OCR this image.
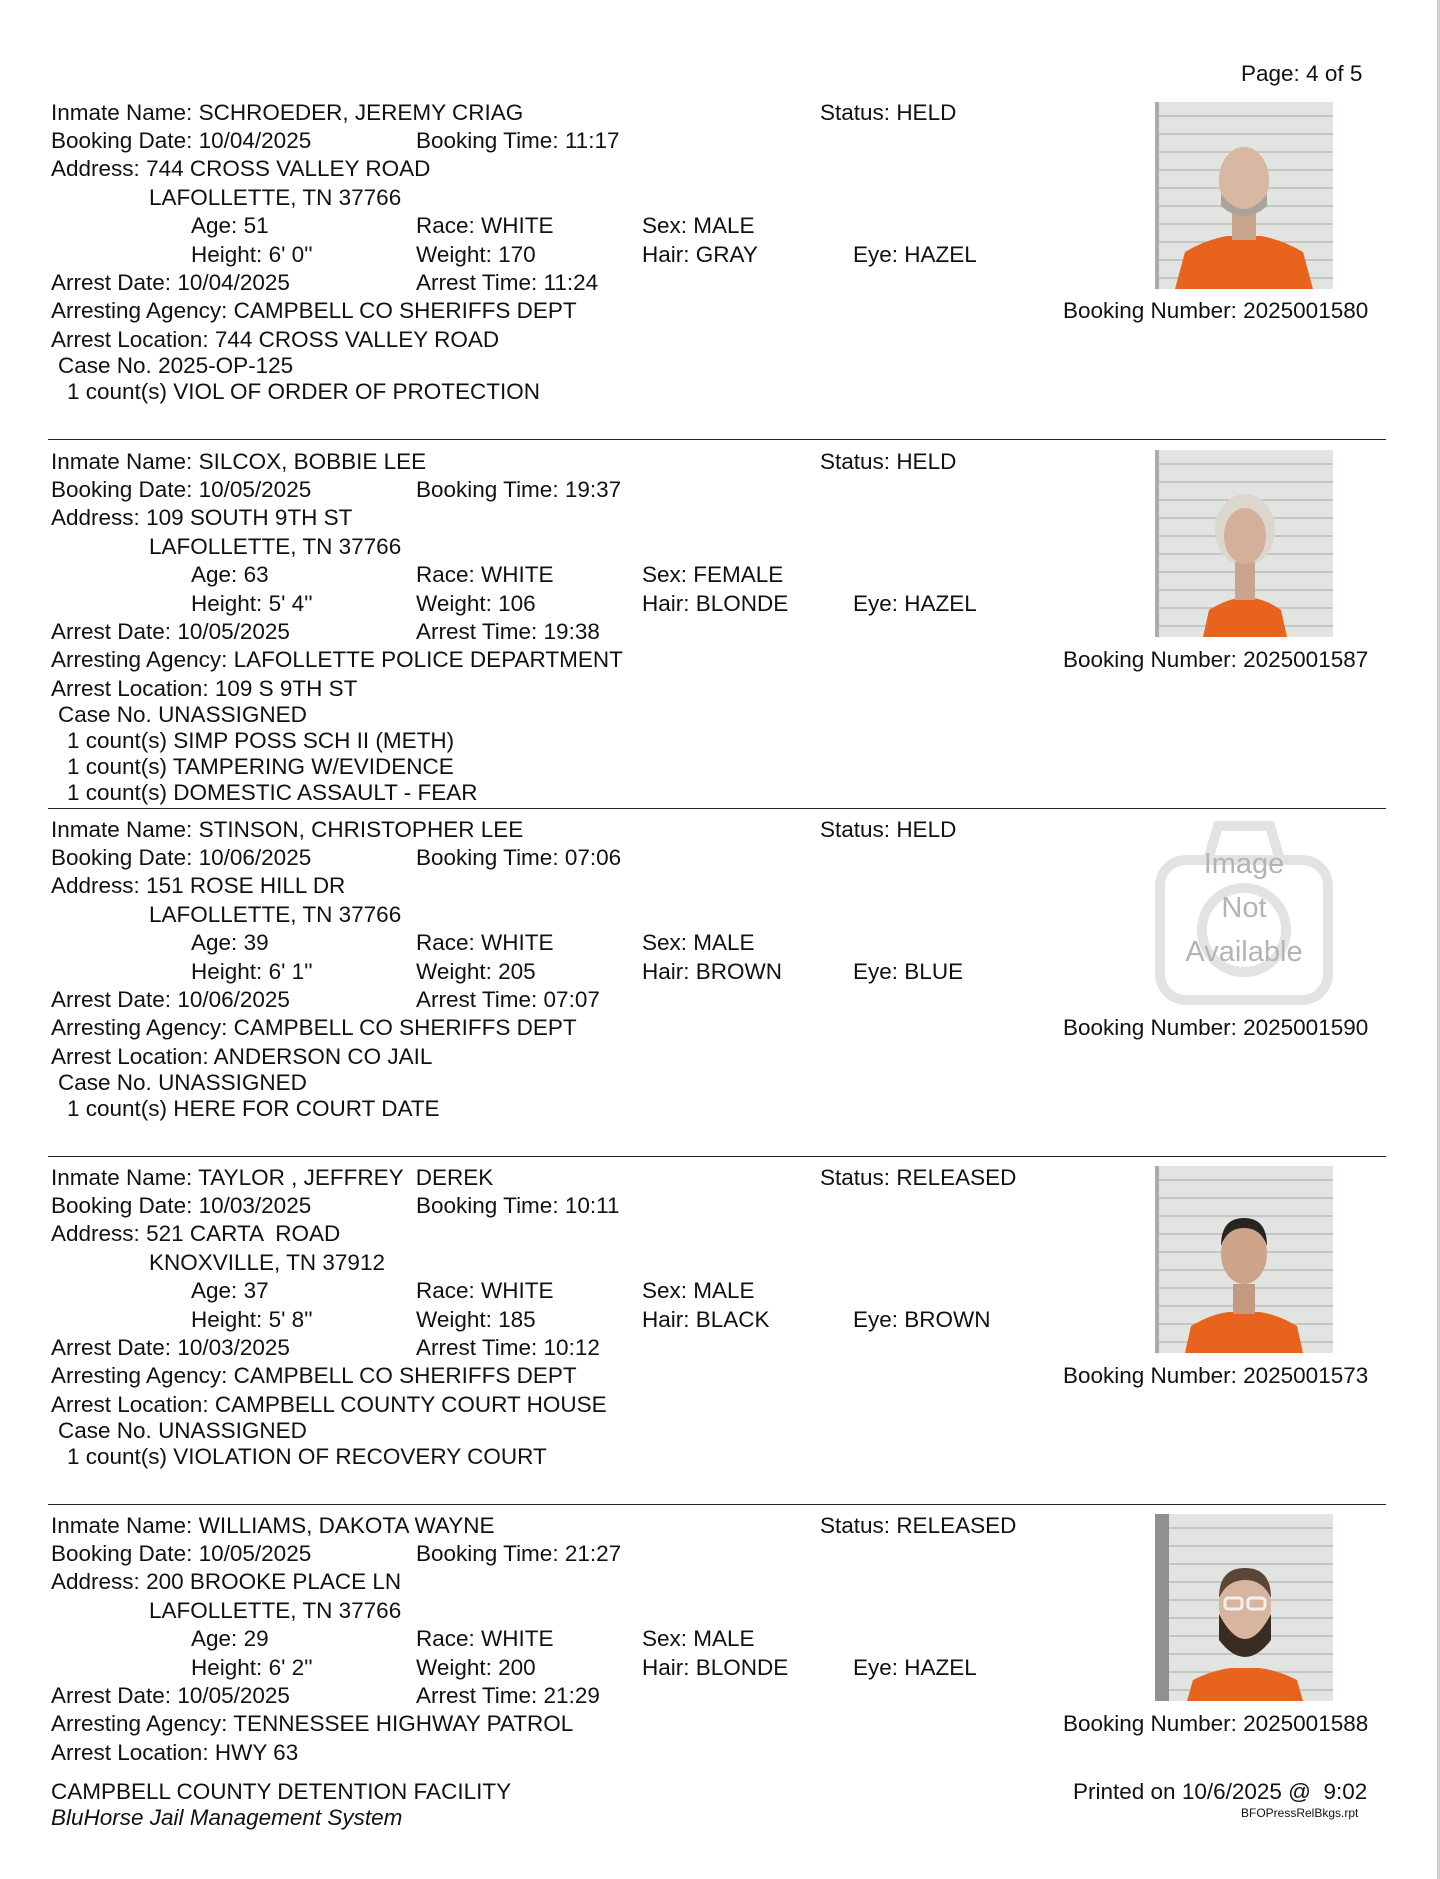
Page: 4 of 5
Inmate Name: SCHROEDER, JEREMY CRIAG	Status: HELD
Booking Date: 10/04/2025	Booking Time: 11:17
Address: 744 CROSS VALLEY ROAD
LAFOLLETTE, TN 37766
Age: 51	Race: WHITE	Sex: MALE
Height: 6' 0''	Weight: 170	Hair: GRAY	Eye: HAZEL
Arrest Date: 10/04/2025	Arrest Time: 11:24
Arresting Agency: CAMPBELL CO SHERIFFS DEPT	Booking Number: 2025001580
Arrest Location: 744 CROSS VALLEY ROAD
Case No. 2025-OP-125
1 count(s) VIOL OF ORDER OF PROTECTION
Inmate Name: SILCOX, BOBBIE LEE	Status: HELD
Booking Date: 10/05/2025	Booking Time: 19:37
Address: 109 SOUTH 9TH ST
LAFOLLETTE, TN 37766
Age: 63	Race: WHITE	Sex: FEMALE
Height: 5' 4''	Weight: 106	Hair: BLONDE	Eye: HAZEL
Arrest Date: 10/05/2025	Arrest Time: 19:38
Arresting Agency: LAFOLLETTE POLICE DEPARTMENT	Booking Number: 2025001587
Arrest Location: 109 S 9TH ST
Case No. UNASSIGNED
1 count(s) SIMP POSS SCH II (METH)
1 count(s) TAMPERING W/EVIDENCE
1 count(s) DOMESTIC ASSAULT - FEAR
Inmate Name: STINSON, CHRISTOPHER LEE	Status: HELD
Booking Date: 10/06/2025	Booking Time: 07:06
Address: 151 ROSE HILL DR
LAFOLLETTE, TN 37766
Age: 39	Race: WHITE	Sex: MALE
Height: 6' 1''	Weight: 205	Hair: BROWN	Eye: BLUE
Arrest Date: 10/06/2025	Arrest Time: 07:07
Arresting Agency: CAMPBELL CO SHERIFFS DEPT	Booking Number: 2025001590
Arrest Location: ANDERSON CO JAIL
Case No. UNASSIGNED
1 count(s) HERE FOR COURT DATE
Image
Not
Available
Inmate Name: TAYLOR , JEFFREY  DEREK	Status: RELEASED
Booking Date: 10/03/2025	Booking Time: 10:11
Address: 521 CARTA  ROAD
KNOXVILLE, TN 37912
Age: 37	Race: WHITE	Sex: MALE
Height: 5' 8''	Weight: 185	Hair: BLACK	Eye: BROWN
Arrest Date: 10/03/2025	Arrest Time: 10:12
Arresting Agency: CAMPBELL CO SHERIFFS DEPT	Booking Number: 2025001573
Arrest Location: CAMPBELL COUNTY COURT HOUSE
Case No. UNASSIGNED
1 count(s) VIOLATION OF RECOVERY COURT
Inmate Name: WILLIAMS, DAKOTA WAYNE	Status: RELEASED
Booking Date: 10/05/2025	Booking Time: 21:27
Address: 200 BROOKE PLACE LN
LAFOLLETTE, TN 37766
Age: 29	Race: WHITE	Sex: MALE
Height: 6' 2''	Weight: 200	Hair: BLONDE	Eye: HAZEL
Arrest Date: 10/05/2025	Arrest Time: 21:29
Arresting Agency: TENNESSEE HIGHWAY PATROL	Booking Number: 2025001588
Arrest Location: HWY 63
CAMPBELL COUNTY DETENTION FACILITY
BluHorse Jail Management System
Printed on 10/6/2025 @  9:02
BFOPressRelBkgs.rpt
